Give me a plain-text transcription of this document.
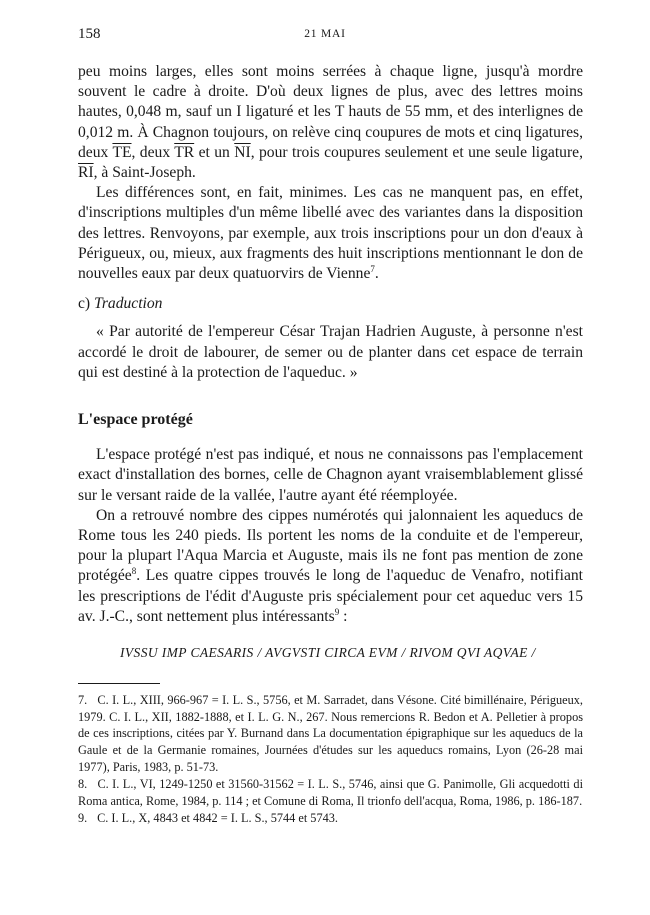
158	21 MAI

peu moins larges, elles sont moins serrées à chaque ligne, jusqu'à mordre souvent le cadre à droite. D'où deux lignes de plus, avec des lettres moins hautes, 0,048 m, sauf un I ligaturé et les T hauts de 55 mm, et des interlignes de 0,012 m. À Chagnon toujours, on relève cinq coupures de mots et cinq ligatures, deux $\overline{TE}$, deux $\overline{TR}$ et un $\overline{NI}$, pour trois coupures seulement et une seule ligature, $\overline{RI}$, à Saint-Joseph.

Les différences sont, en fait, minimes. Les cas ne manquent pas, en effet, d'inscriptions multiples d'un même libellé avec des variantes dans la disposition des lettres. Renvoyons, par exemple, aux trois inscriptions pour un don d'eaux à Périgueux, ou, mieux, aux fragments des huit inscriptions mentionnant le don de nouvelles eaux par deux quatuorvirs de Vienne$^7$.

c) Traduction

« Par autorité de l'empereur César Trajan Hadrien Auguste, à personne n'est accordé le droit de labourer, de semer ou de planter dans cet espace de terrain qui est destiné à la protection de l'aqueduc. »

L'espace protégé

L'espace protégé n'est pas indiqué, et nous ne connaissons pas l'emplacement exact d'installation des bornes, celle de Chagnon ayant vraisemblablement glissé sur le versant raide de la vallée, l'autre ayant été réemployée.

On a retrouvé nombre des cippes numérotés qui jalonnaient les aqueducs de Rome tous les 240 pieds. Ils portent les noms de la conduite et de l'empereur, pour la plupart l'Aqua Marcia et Auguste, mais ils ne font pas mention de zone protégée$^8$. Les quatre cippes trouvés le long de l'aqueduc de Venafro, notifiant les prescriptions de l'édit d'Auguste pris spécialement pour cet aqueduc vers 15 av. J.-C., sont nettement plus intéressants$^9$ :

IVSSU IMP CAESARIS / AVGVSTI CIRCA EVM / RIVOM QVI AQVAE /

7. C. I. L., XIII, 966-967 = I. L. S., 5756, et M. Sarradet, dans Vésone. Cité bimillénaire, Périgueux, 1979. C. I. L., XII, 1882-1888, et I. L. G. N., 267. Nous remercions R. Bedon et A. Pelletier à propos de ces inscriptions, citées par Y. Burnand dans La documentation épigraphique sur les aqueducs de la Gaule et de la Germanie romaines, Journées d'études sur les aqueducs romains, Lyon (26-28 mai 1977), Paris, 1983, p. 51-73.

8. C. I. L., VI, 1249-1250 et 31560-31562 = I. L. S., 5746, ainsi que G. Panimolle, Gli acquedotti di Roma antica, Rome, 1984, p. 114 ; et Comune di Roma, Il trionfo dell'acqua, Roma, 1986, p. 186-187.

9. C. I. L., X, 4843 et 4842 = I. L. S., 5744 et 5743.
